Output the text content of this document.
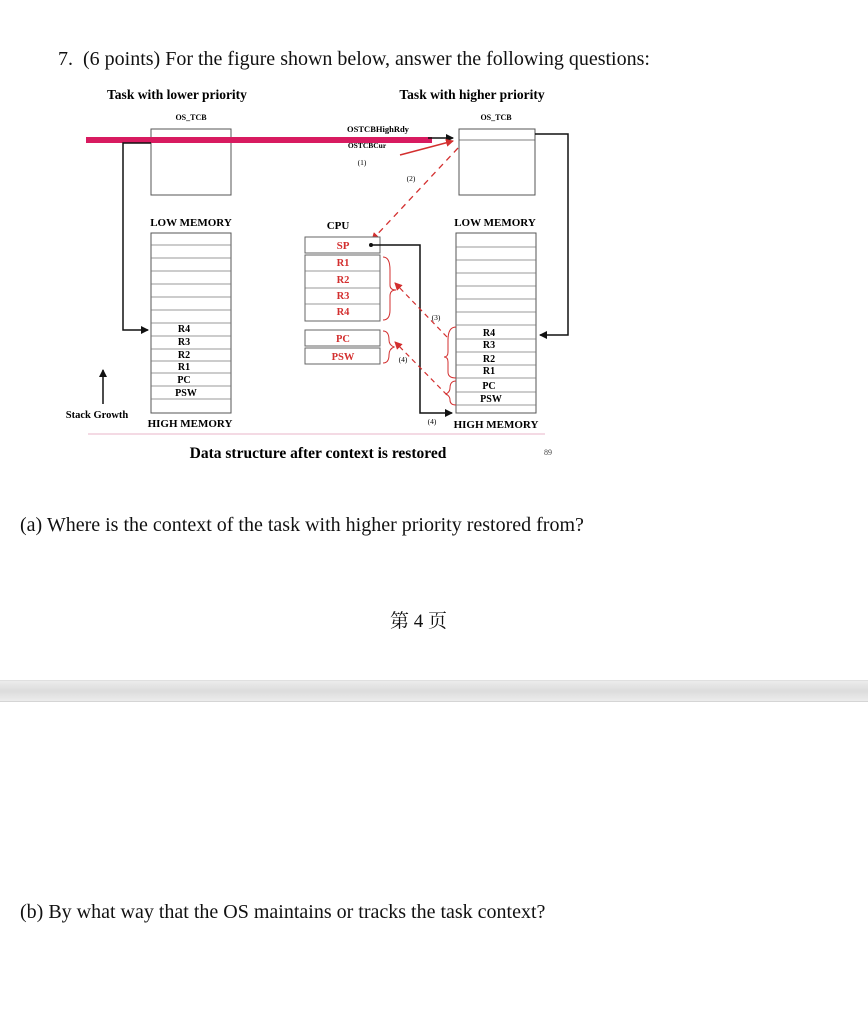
7. (6 points) For the figure shown below, answer the following questions:
Task with lower priority	Task with higher priority
OS_TCB	OS_TCB
OSTCBHighRdy
OSTCBCur
(1)
(2)
LOW MEMORY	LOW MEMORY
CPU
R4
R3
R2
R1
PC
PSW
R4
R3
R2
R1
PC
PSW
SP
R1
R2
R3
R4
PC
PSW
(4)
(3)
(4)
Stack Growth
HIGH MEMORY	HIGH MEMORY
Data structure after context is restored	89
(a) Where is the context of the task with higher priority restored from?
第 4 页
(b) By what way that the OS maintains or tracks the task context?
